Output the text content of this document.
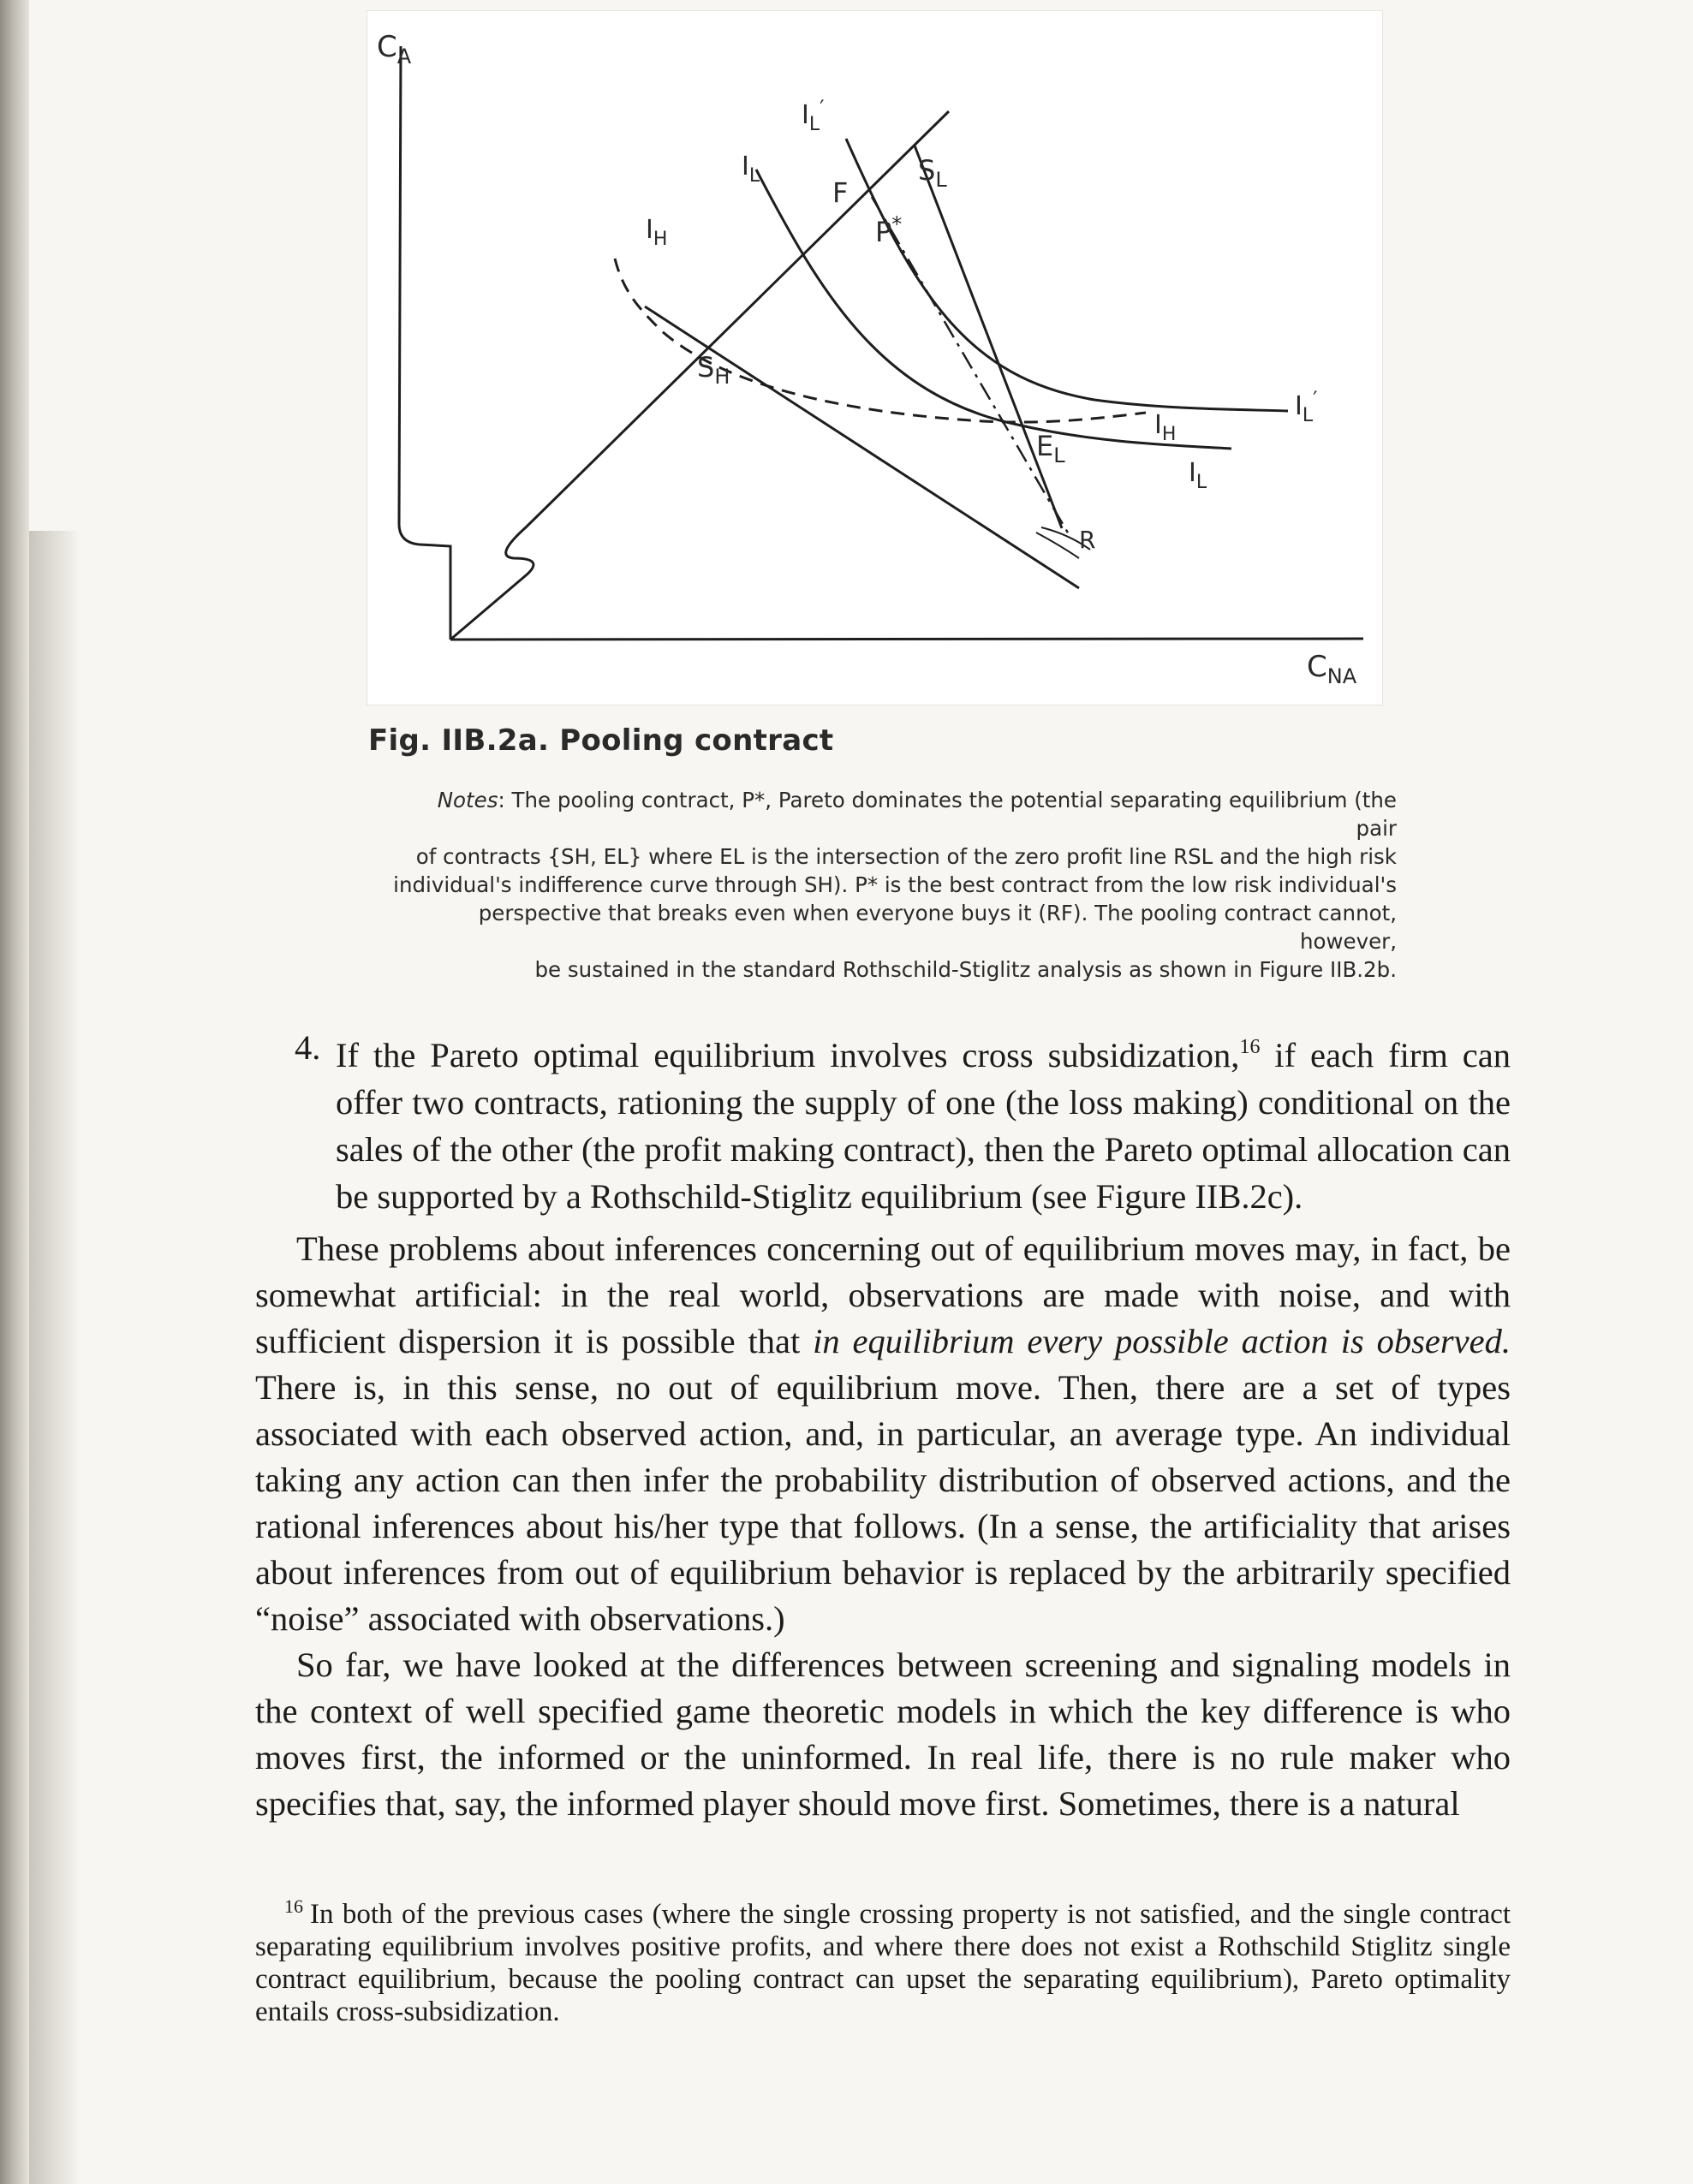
$C_A$
$C_{NA}$
$I_L'$
$I_L$	$S_L$
F
P*
$I_H$
$S_H$
$E_L$
$I_H$
$I_L$
$I_L'$
R
Fig. IIB.2a. Pooling contract
Notes: The pooling contract, P*, Pareto dominates the potential separating equilibrium (the pair
of contracts {SH, EL} where EL is the intersection of the zero profit line RSL and the high risk
individual's indifference curve through SH). P* is the best contract from the low risk individual's
perspective that breaks even when everyone buys it (RF). The pooling contract cannot, however,
be sustained in the standard Rothschild-Stiglitz analysis as shown in Figure IIB.2b.
4. If the Pareto optimal equilibrium involves cross subsidization,$^{16}$ if each firm can offer two contracts, rationing the supply of one (the loss making) conditional on the sales of the other (the profit making contract), then the Pareto optimal allocation can be supported by a Rothschild-Stiglitz equilibrium (see Figure IIB.2c).
These problems about inferences concerning out of equilibrium moves may, in fact, be somewhat artificial: in the real world, observations are made with noise, and with sufficient dispersion it is possible that in equilibrium every possible action is observed. There is, in this sense, no out of equilibrium move. Then, there are a set of types associated with each observed action, and, in particular, an average type. An individual taking any action can then infer the probability distribution of observed actions, and the rational inferences about his/her type that follows. (In a sense, the artificiality that arises about inferences from out of equilibrium behavior is replaced by the arbitrarily specified “noise” associated with observations.)
So far, we have looked at the differences between screening and signaling models in the context of well specified game theoretic models in which the key difference is who moves first, the informed or the uninformed. In real life, there is no rule maker who specifies that, say, the informed player should move first. Sometimes, there is a natural
$^{16}$ In both of the previous cases (where the single crossing property is not satisfied, and the single contract separating equilibrium involves positive profits, and where there does not exist a Rothschild Stiglitz single contract equilibrium, because the pooling contract can upset the separating equilibrium), Pareto optimality entails cross-subsidization.
